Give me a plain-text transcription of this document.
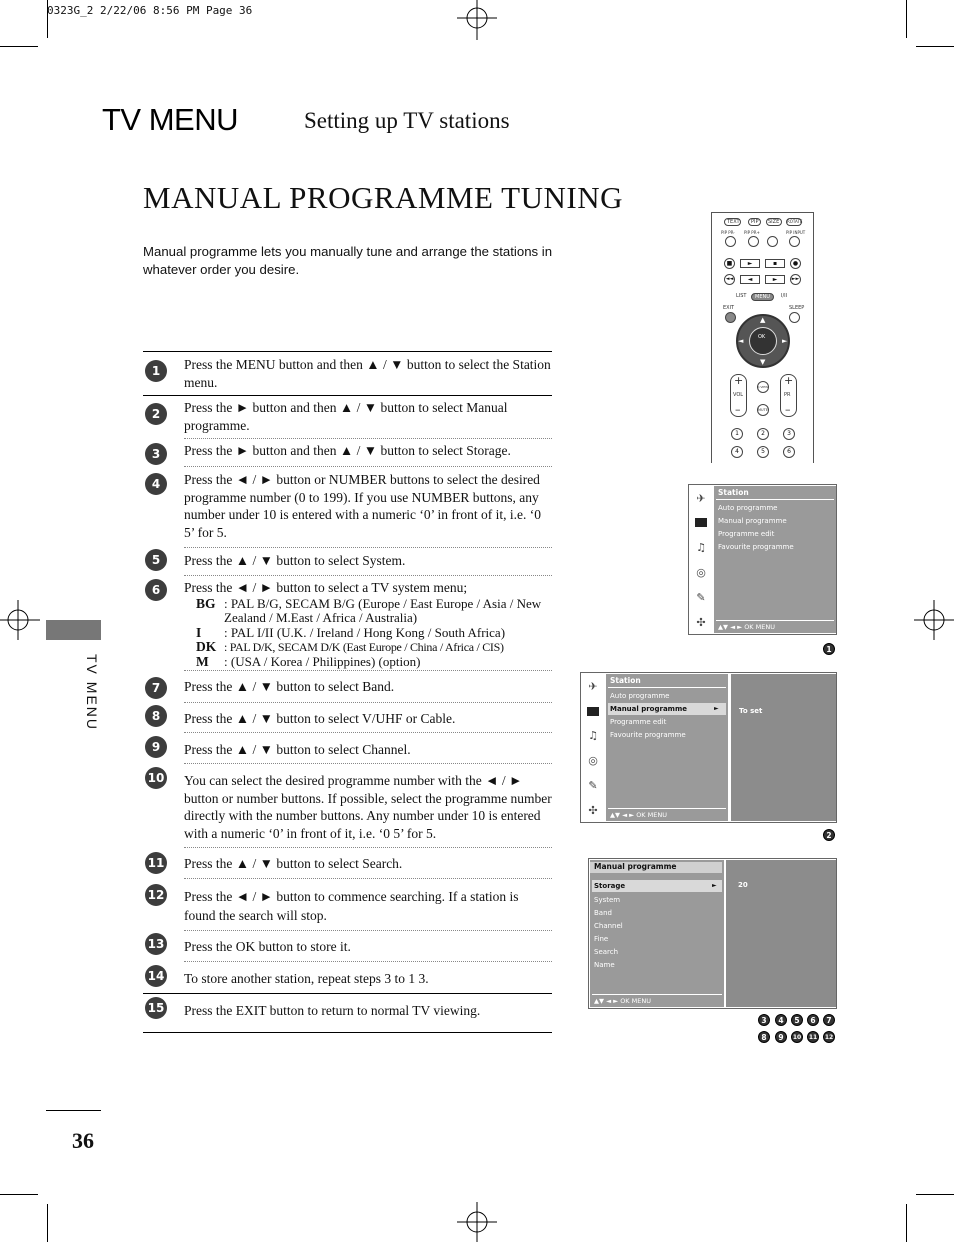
0323G_2 2/22/06 8:56 PM Page 36
TV MENU	Setting up TV stations
MANUAL PROGRAMME TUNING
Manual programme lets you manually tune and arrange the stations in whatever order you desire.
TV MENU
36
1	Press the MENU button and then ▲ / ▼ button to select the Station menu.
2	Press the ► button and then ▲ / ▼ button to select Manual programme.
3	Press the ► button and then ▲ / ▼ button to select Storage.
4	Press the ◄ / ► button or NUMBER buttons to select the desired programme number (0 to 199). If you use NUMBER buttons, any number under 10 is entered with a numeric ‘0’ in front of it, i.e. ‘0 5’ for 5.
5	Press the ▲ / ▼ button to select System.
6	Press the ◄ / ► button to select a TV system menu;
BG : PAL B/G, SECAM B/G (Europe / East Europe / Asia / New Zealand / M.East / Africa / Australia)
I	: PAL I/II (U.K. / Ireland / Hong Kong / South Africa)
DK : PAL D/K, SECAM D/K (East Europe / China / Africa / CIS)
M	: (USA / Korea / Philippines) (option)
7	Press the ▲ / ▼ button to select Band.
8	Press the ▲ / ▼ button to select V/UHF or Cable.
9	Press the ▲ / ▼ button to select Channel.
10 You can select the desired programme number with the ◄ / ► button or number buttons. If possible, select the programme number directly with the number buttons. Any number under 10 is entered with a numeric ‘0’ in front of it, i.e. ‘0 5’ for 5.
11 Press the ▲ / ▼ button to select Search.
12 Press the ◄ / ► button to commence searching. If a station is found the search will stop.
13 Press the OK button to store it.
14 To store another station, repeat steps 3 to 1 3.
15 Press the EXIT button to return to normal TV viewing.
TEXT PIP SIZE ROTATE
PIP PR- PIP PR+	PIP INPUT
■	►	▪	●
◄◄	◄	►	►►
LIST MENU I/II
EXIT	SLEEP
OK
▲
▼
◄	►
+
VOL
–
+
PR
–
Q.VIEW
MUTE
1	2	3
4	5	6
✈
♫
◎
✎
✣
Station
Auto programme
Manual programme
Programme edit
Favourite programme
▲▼ ◄ ► OK MENU
1
✈
♫
◎
✎
✣
Station
Auto programme
Manual programme	►
Programme edit
Favourite programme
▲▼ ◄ ► OK MENU
To set
2
Manual programme
Storage	►
System
Band
Channel
Fine
Search
Name
▲▼ ◄ ► OK MENU
20
3	4	5	6	7
8	9	10	11	12
